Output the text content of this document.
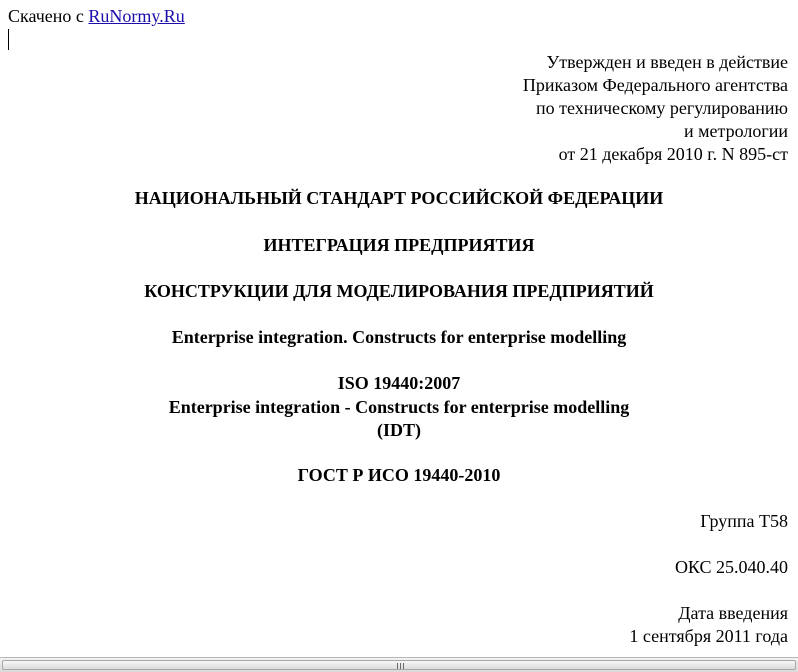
Скачено с RuNormy.Ru
Утвержден и введен в действие
Приказом Федерального агентства
по техническому регулированию
и метрологии
от 21 декабря 2010 г. N 895-ст
НАЦИОНАЛЬНЫЙ СТАНДАРТ РОССИЙСКОЙ ФЕДЕРАЦИИ
ИНТЕГРАЦИЯ ПРЕДПРИЯТИЯ
КОНСТРУКЦИИ ДЛЯ МОДЕЛИРОВАНИЯ ПРЕДПРИЯТИЙ
Enterprise integration. Constructs for enterprise modelling
ISO 19440:2007
Enterprise integration - Constructs for enterprise modelling
(IDT)
ГОСТ Р ИСО 19440-2010
Группа T58
ОКС 25.040.40
Дата введения
1 сентября 2011 года
